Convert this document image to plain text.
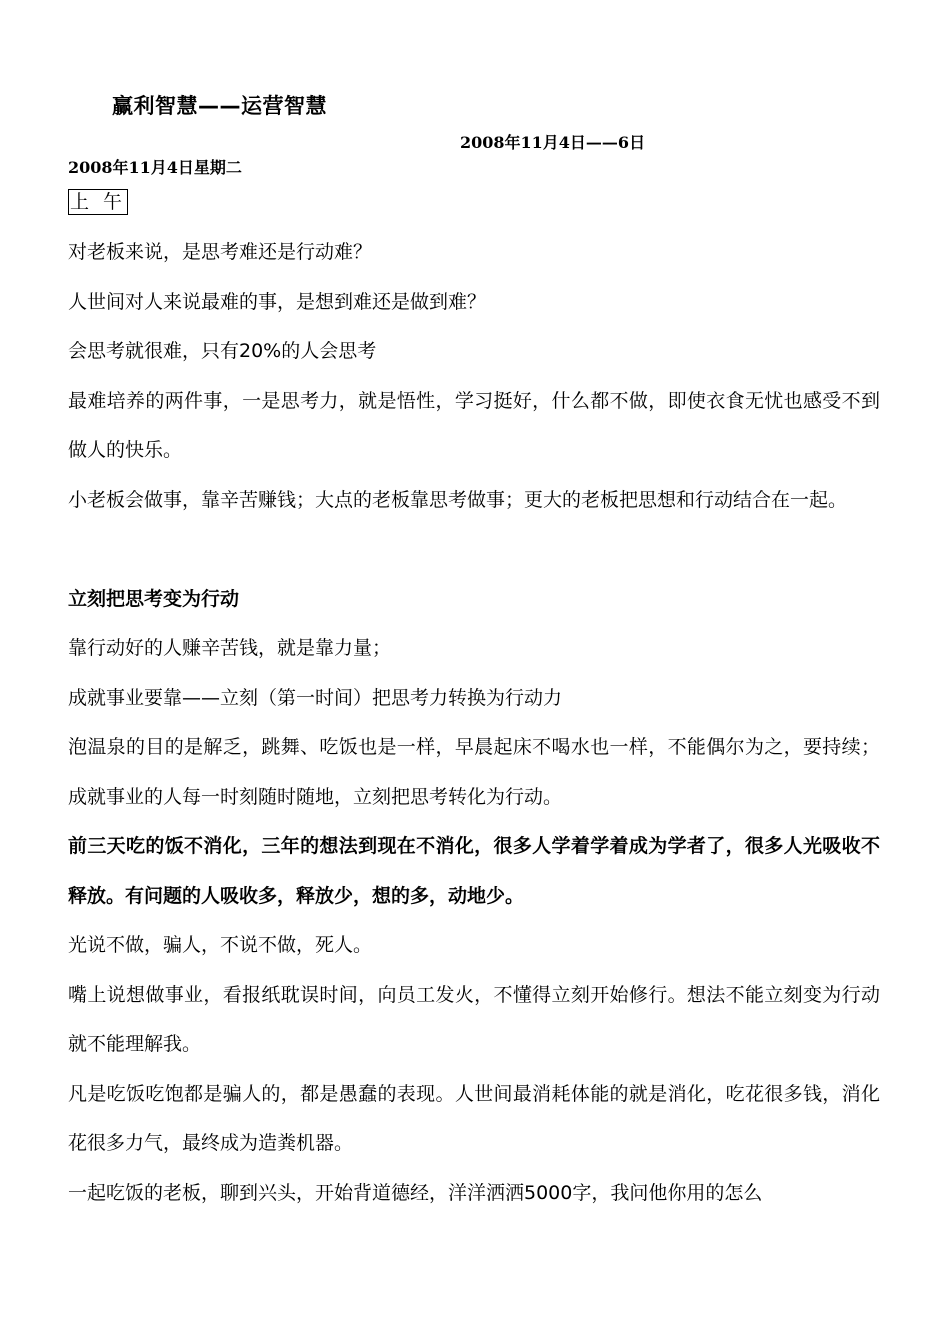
赢利智慧——运营智慧
2008年11月4日——6日
2008年11月4日星期二
上 午

对老板来说，是思考难还是行动难？

人世间对人来说最难的事，是想到难还是做到难？

会思考就很难，只有20%的人会思考

最难培养的两件事，一是思考力，就是悟性，学习挺好，什么都不做，即使衣食无忧也感受不到做人的快乐。

小老板会做事，靠辛苦赚钱；大点的老板靠思考做事；更大的老板把思想和行动结合在一起。

立刻把思考变为行动

靠行动好的人赚辛苦钱，就是靠力量；

成就事业要靠——立刻（第一时间）把思考力转换为行动力

泡温泉的目的是解乏，跳舞、吃饭也是一样，早晨起床不喝水也一样，不能偶尔为之，要持续；成就事业的人每一时刻随时随地，立刻把思考转化为行动。

前三天吃的饭不消化，三年的想法到现在不消化，很多人学着学着成为学者了，很多人光吸收不释放。有问题的人吸收多，释放少，想的多，动地少。

光说不做，骗人，不说不做，死人。

嘴上说想做事业，看报纸耽误时间，向员工发火，不懂得立刻开始修行。想法不能立刻变为行动就不能理解我。

凡是吃饭吃饱都是骗人的，都是愚蠢的表现。人世间最消耗体能的就是消化，吃花很多钱，消化花很多力气，最终成为造粪机器。

一起吃饭的老板，聊到兴头，开始背道德经，洋洋洒洒5000字，我问他你用的怎么
